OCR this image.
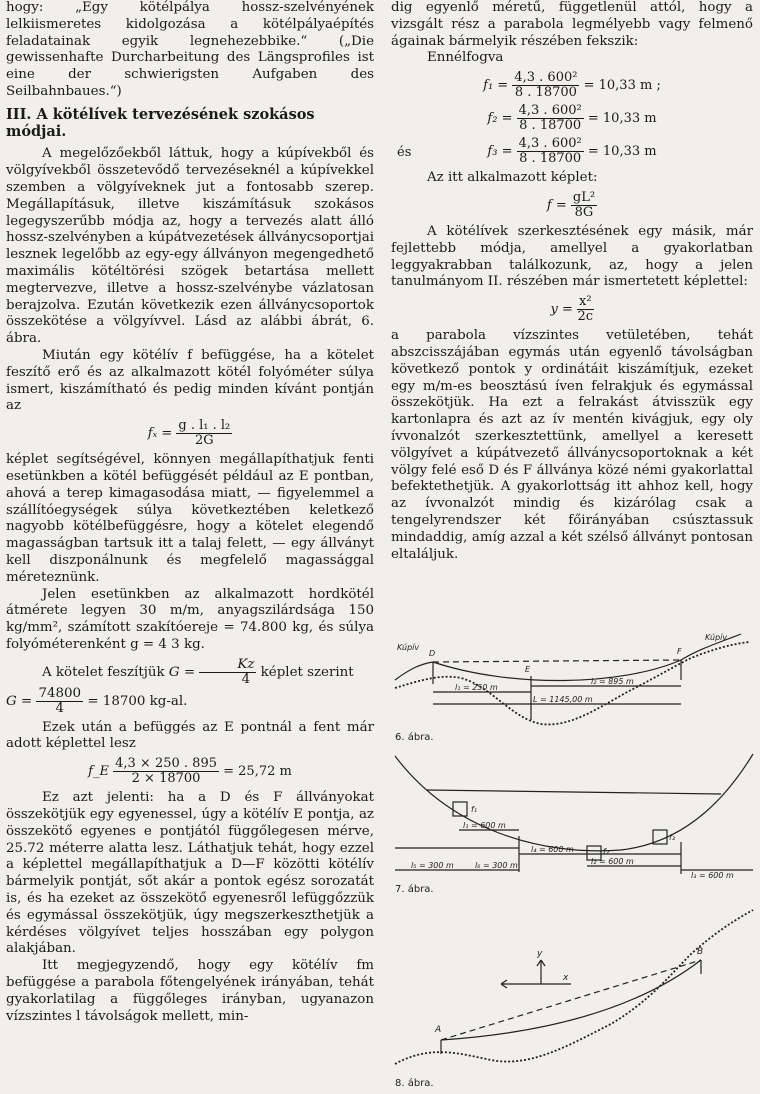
hogy: „Egy kötélpálya hossz-szelvényének lelkiismeretes kidolgozása a kötélpályaépítés feladatainak egyik legnehezebbike.“ („Die gewissenhafte Durcharbeitung des Längsprofiles ist eine der schwierigsten Aufgaben des Seilbahnbaues.“)

III. A kötélívek tervezésének szokásos módjai.

A megelőzőekből láttuk, hogy a kúpívekből és völgyívekből összetevődő tervezéseknél a kúpívekkel szemben a völgyíveknek jut a fontosabb szerep. Megállapításuk, illetve kiszámításuk szokásos legegyszerűbb módja az, hogy a tervezés alatt álló hossz-szelvényben a kúpátvezetések állványcsoportjai lesznek legelőbb az egy-egy állványon megengedhető maximális kötéltörési szögek betartása mellett megtervezve, illetve a hossz-szelvénybe vázlatosan berajzolva. Ezután következik ezen állványcsoportok összekötése a völgyívvel. Lásd az alábbi ábrát, 6. ábra.

Miután egy kötélív f befüggése, ha a kötelet feszítő erő és az alkalmazott kötél folyóméter súlya ismert, kiszámítható és pedig minden kívánt pontján az

$f_x = \frac{\text{g . l₁ . l₂}}{2G}$

képlet segítségével, könnyen megállapíthatjuk fenti esetünkben a kötél befüggését például az E pontban, ahová a terep kimagasodása miatt, — figyelemmel a szállítóegységek súlya következtében keletkező nagyobb kötélbefüggésre, hogy a kötelet elegendő magasságban tartsuk itt a talaj felett, — egy állványt kell diszponálnunk és megfelelő magassággal méreteznünk.

Jelen esetünkben az alkalmazott hordkötél átmérete legyen 30 m/m, anyagszilárdsága 150 kg/mm², számított szakítóereje = 74.800 kg, és súlya folyóméterenként g = 4 3 kg.

A kötelet feszítjük $G = \frac{Kz}{4}$ képlet szerint

$G = \frac{74800}{4} = 18700$ kg-al.

Ezek után a befüggés az E pontnál a fent már adott képlettel lesz

f_E $\frac{4,3 \times 250 . 895}{2 \times 18700} = 25,72$ m

Ez azt jelenti: ha a D és F állványokat összekötjük egy egyenessel, úgy a kötélív E pontja, az összekötő egyenes e pontjától függőlegesen mérve, 25.72 méterre alatta lesz. Láthatjuk tehát, hogy ezzel a képlettel megállapíthatjuk a D—F közötti kötélív bármelyik pontját, sőt akár a pontok egész sorozatát is, és ha ezeket az összekötő egyenesről lefüggőzzük és egymással összekötjük, úgy megszerkeszthetjük a kérdéses völgyívet teljes hosszában egy polygon alakjában.

Itt megjegyzendő, hogy egy kötélív fm befüggése a parabola főtengelyének irányában, tehát gyakorlatilag a függőleges irányban, ugyanazon vízszintes l távolságok mellett, min-

dig egyenlő méretű, függetlenül attól, hogy a vizsgált rész a parabola legmélyebb vagy felmenő ágainak bármelyik részében fekszik:

Ennélfogva

$f_1 = \frac{\text{4,3 . 600²}}{8 . 18700} = 10,33$ m ;
$f_2 = \frac{\text{4,3 . 600²}}{8 . 18700} = 10,33$ m
és	$f_3 = \frac{\text{4,3 . 600²}}{8 . 18700} = 10,33$ m

Az itt alkalmazott képlet:

$f = \frac{\text{gL²}}{8G}$

A kötélívek szerkesztésének egy másik, már fejlettebb módja, amellyel a gyakorlatban leggyakrabban találkozunk, az, hogy a jelen tanulmányom II. részében már ismertetett képlettel:

$y = \frac{\text{x²}}{2c}$

a parabola vízszintes vetületében, tehát abszcisszájában egymás után egyenlő távolságban következő pontok y ordinátáit kiszámítjuk, ezeket egy m/m-es beosztású íven felrakjuk és egymással összekötjük. Ha ezt a felrakást átvisszük egy kartonlapra és azt az ív mentén kivágjuk, egy oly ívvonalzót szerkesztettünk, amellyel a keresett völgyívet a kúpátvezető állványcsoportoknak a két völgy felé eső D és F állványa közé némi gyakorlattal befektethetjük. A gyakorlottság itt ahhoz kell, hogy az ívvonalzót mindig és kizárólag csak a tengelyrendszer két főirányában csúsztassuk mindaddig, amíg azzal a két szélső állványt pontosan eltaláljuk.

Kúpív
D
E
F
Kúpív
l₁ = 250 m
l₂ = 895 m
L = 1145,00 m
6. ábra.
f₁
f₂
f₃
l₁ = 600 m
l₂ = 600 m
l₃ = 600 m
l₄ = 600 m
l₅ = 300 m	l₆ = 300 m
7. ábra.
A
B
y
x
8. ábra.
